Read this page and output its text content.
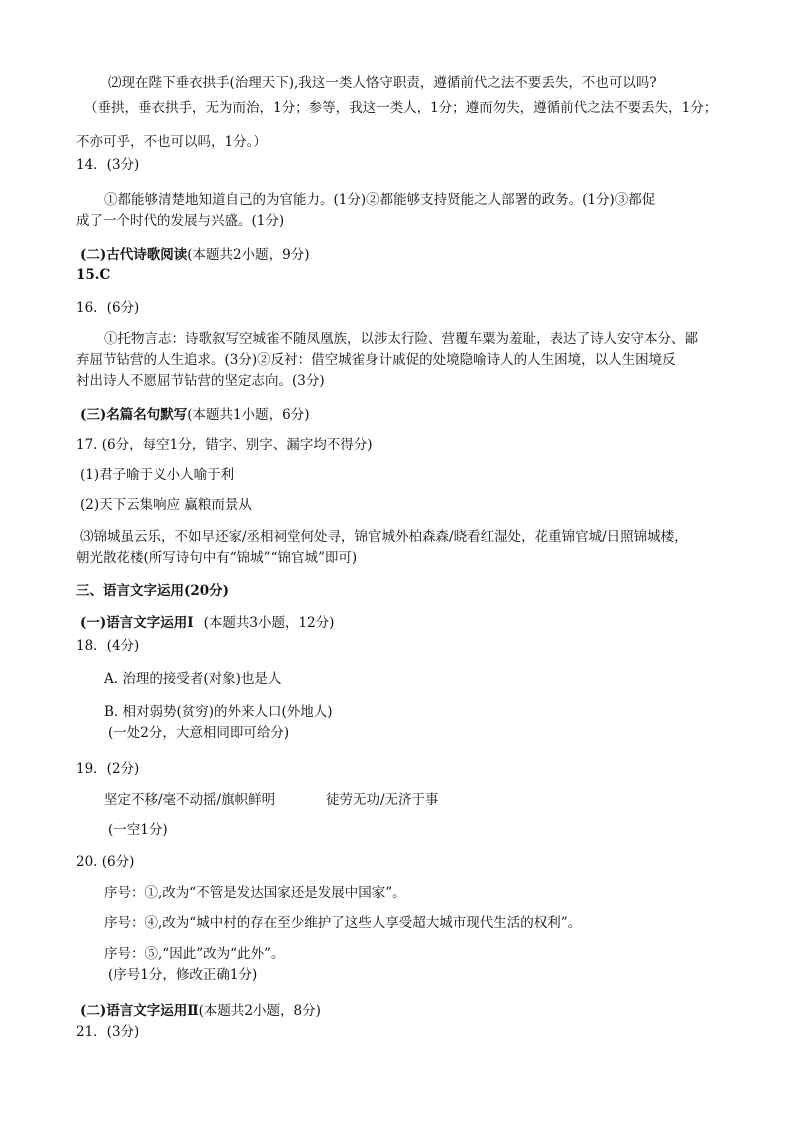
⑵现在陛下垂衣拱手(治理天下),我这一类人恪守职责，遵循前代之法不要丢失，不也可以吗?
（垂拱，垂衣拱手，无为而治，1分；参等，我这一类人，1分；遵而勿失，遵循前代之法不要丢失，1分；
不亦可乎，不也可以吗，1分。）
14．(3分)
①都能够清楚地知道自己的为官能力。(1分)②都能够支持贤能之人部署的政务。(1分)③都促
成了一个时代的发展与兴盛。(1分)
(二)古代诗歌阅读(本题共2小题，9分)
15.C
16．(6分)
①托物言志：诗歌叙写空城雀不随凤凰族，以涉太行险、营覆车粟为羞耻，表达了诗人安守本分、鄙
弃屈节钻营的人生追求。(3分)②反衬：借空城雀身计戚促的处境隐喻诗人的人生困境，以人生困境反
衬出诗人不愿屈节钻营的坚定志向。(3分)
(三)名篇名句默写(本题共1小题，6分)
17. (6分，每空1分，错字、别字、漏字均不得分)
(1)君子喻于义小人喻于利
(2)天下云集响应 赢粮而景从
⑶锦城虽云乐，不如早还家/丞相祠堂何处寻，锦官城外柏森森/晓看红湿处，花重锦官城/日照锦城楼，
朝光散花楼(所写诗句中有“锦城”“锦官城”即可)
三、语言文字运用(20分)
(一)语言文字运用Ⅰ (本题共3小题，12分)
18．(4分)
A. 治理的接受者(对象)也是人
B. 相对弱势(贫穷)的外来人口(外地人)
(一处2分，大意相同即可给分)
19．(2分)
坚定不移/毫不动摇/旗帜鲜明	徒劳无功/无济于事
(一空1分)
20. (6分)
序号：①,改为“不管是发达国家还是发展中国家”。
序号：④,改为“城中村的存在至少维护了这些人享受超大城市现代生活的权利”。
序号：⑤,“因此”改为“此外”。
(序号1分，修改正确1分)
(二)语言文字运用Ⅱ(本题共2小题，8分)
21．(3分)
